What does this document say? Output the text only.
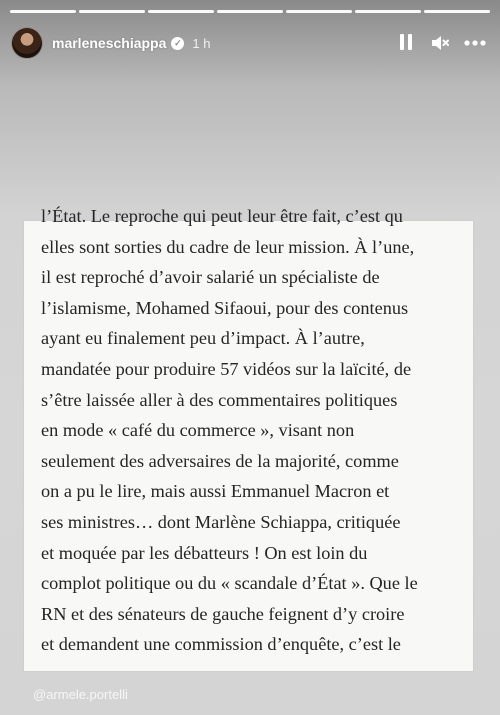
marleneschiappa ✓ 1 h
l’État. Le reproche qui peut leur être fait, c’est qu
elles sont sorties du cadre de leur mission. À l’une,
il est reproché d’avoir salarié un spécialiste de
l’islamisme, Mohamed Sifaoui, pour des contenus
ayant eu finalement peu d’impact. À l’autre,
mandatée pour produire 57 vidéos sur la laïcité, de
s’être laissée aller à des commentaires politiques
en mode « café du commerce », visant non
seulement des adversaires de la majorité, comme
on a pu le lire, mais aussi Emmanuel Macron et
ses ministres… dont Marlène Schiappa, critiquée
et moquée par les débatteurs ! On est loin du
complot politique ou du « scandale d’État ». Que le
RN et des sénateurs de gauche feignent d’y croire
et demandent une commission d’enquête, c’est le
@armele.portelli
